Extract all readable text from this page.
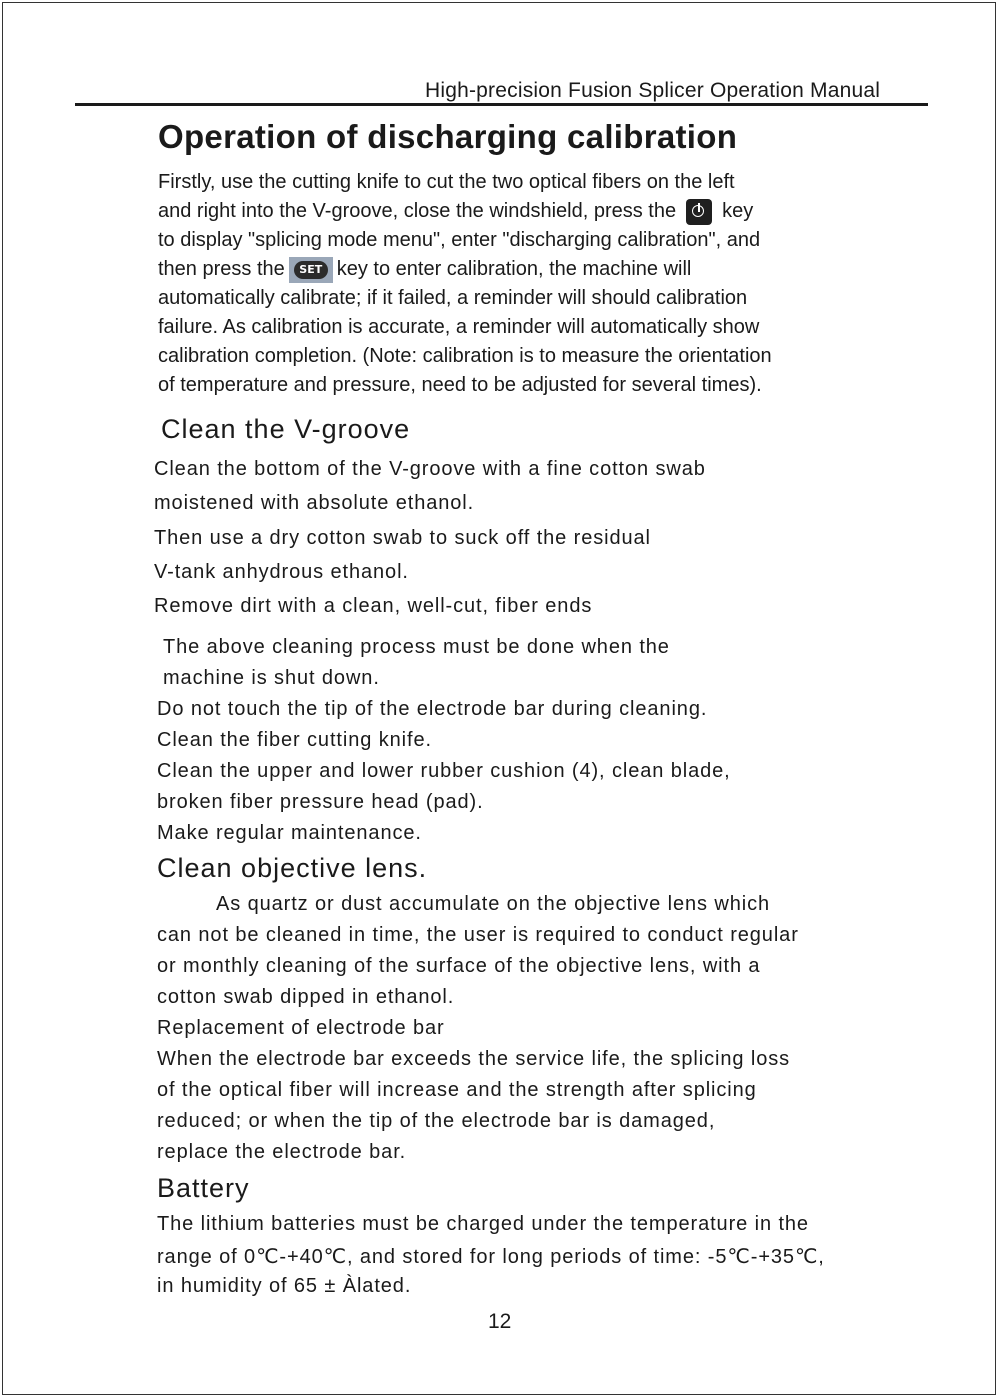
High-precision Fusion Splicer Operation Manual
Operation of discharging calibration
Firstly, use the cutting knife to cut the two optical fibers on the left
and right into the V-groove, close the windshield, press the key
to display "splicing mode menu", enter "discharging calibration", and
then press the	SET key to enter calibration, the machine will
automatically calibrate; if it failed, a reminder will should calibration
failure. As calibration is accurate, a reminder will automatically show
calibration completion. (Note: calibration is to measure the orientation
of temperature and pressure, need to be adjusted for several times).
Clean the V-groove
Clean the bottom of the V-groove with a fine cotton swab
moistened with absolute ethanol.
Then use a dry cotton swab to suck off the residual
V-tank anhydrous ethanol.
Remove dirt with a clean, well-cut, fiber ends
The above cleaning process must be done when the
machine is shut down.
Do not touch the tip of the electrode bar during cleaning.
Clean the fiber cutting knife.
Clean the upper and lower rubber cushion (4), clean blade,
broken fiber pressure head (pad).
Make regular maintenance.
Clean objective lens.
As quartz or dust accumulate on the objective lens which
can not be cleaned in time, the user is required to conduct regular
or monthly cleaning of the surface of the objective lens, with a
cotton swab dipped in ethanol.
Replacement of electrode bar
When the electrode bar exceeds the service life, the splicing loss
of the optical fiber will increase and the strength after splicing
reduced; or when the tip of the electrode bar is damaged,
replace the electrode bar.
Battery
The lithium batteries must be charged under the temperature in the
range of 0℃-+40℃, and stored for long periods of time: -5℃-+35℃,
in humidity of 65 ± Àlated.
12
